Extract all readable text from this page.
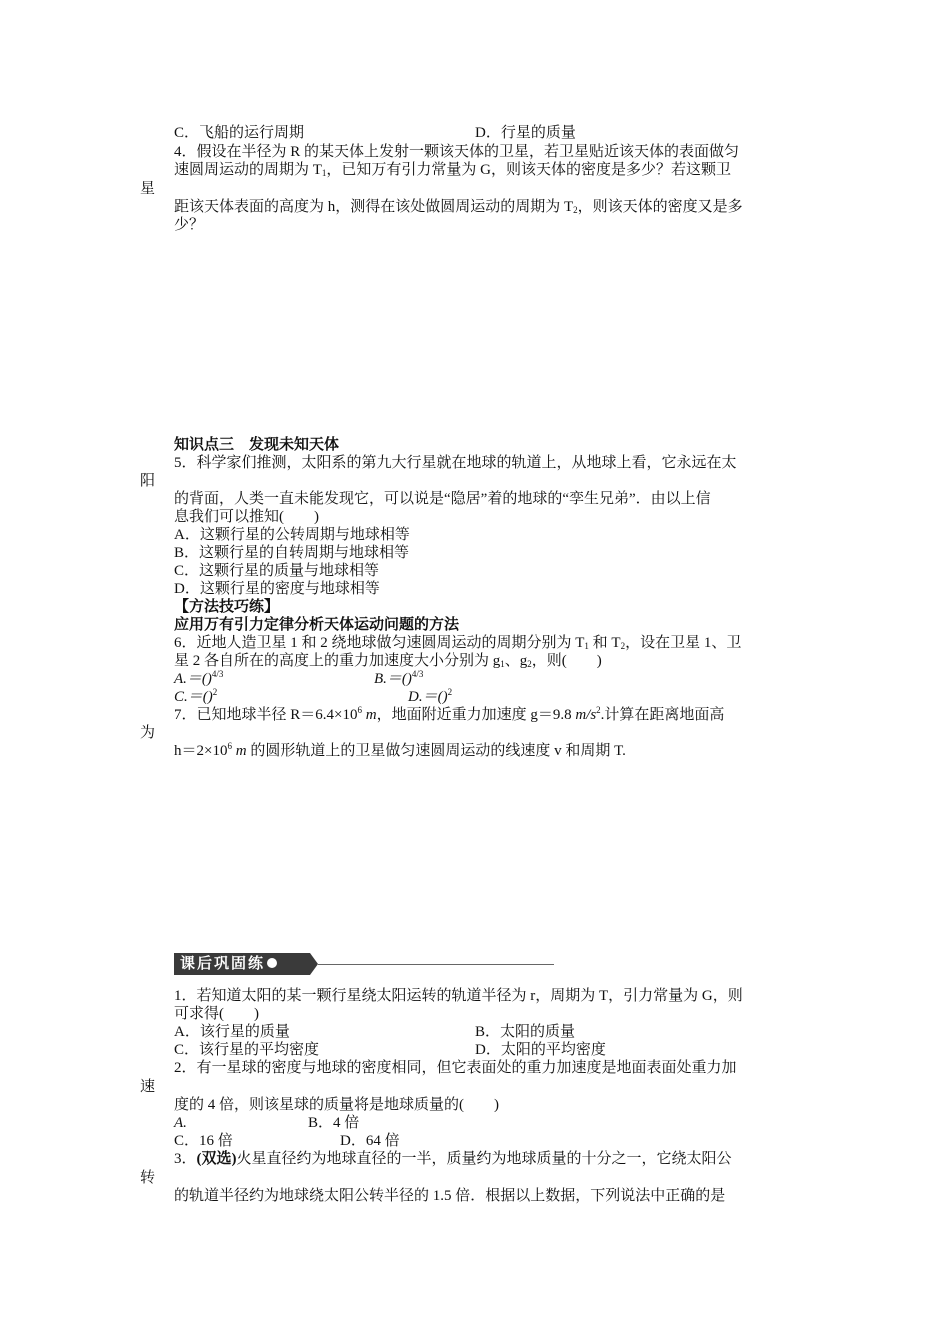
C．飞船的运行周期	D．行星的质量
4．假设在半径为 R 的某天体上发射一颗该天体的卫星，若卫星贴近该天体的表面做匀
速圆周运动的周期为 $T_1$，已知万有引力常量为 G，则该天体的密度是多少？若这颗卫
星
距该天体表面的高度为 h，测得在该处做圆周运动的周期为 $T_2$，则该天体的密度又是多
少？
知识点三　发现未知天体
5．科学家们推测，太阳系的第九大行星就在地球的轨道上，从地球上看，它永远在太
阳
的背面，人类一直未能发现它，可以说是“隐居”着的地球的“孪生兄弟”．由以上信
息我们可以推知(　　)
A．这颗行星的公转周期与地球相等
B．这颗行星的自转周期与地球相等
C．这颗行星的质量与地球相等
D．这颗行星的密度与地球相等
【方法技巧练】
应用万有引力定律分析天体运动问题的方法
6．近地人造卫星 1 和 2 绕地球做匀速圆周运动的周期分别为 $T_1$ 和 $T_2$，设在卫星 1、卫
星 2 各自所在的高度上的重力加速度大小分别为 $g_1$、$g_2$，则(　　)
A.＝()$^{4/3}$	B.＝()$^{4/3}$
C.＝()$^2$	D.＝()$^2$
7．已知地球半径 $R=6.4\times 10^6$ m，地面附近重力加速度 g＝9.8 $m/s^2$.计算在距离地面高
为
$h=2\times 10^6$ m 的圆形轨道上的卫星做匀速圆周运动的线速度 v 和周期 T.
课后巩固练
1．若知道太阳的某一颗行星绕太阳运转的轨道半径为 r，周期为 T，引力常量为 G，则
可求得(　　)
A．该行星的质量	B．太阳的质量
C．该行星的平均密度	D．太阳的平均密度
2．有一星球的密度与地球的密度相同，但它表面处的重力加速度是地面表面处重力加
速
度的 4 倍，则该星球的质量将是地球质量的(　　)
A.	B．4 倍
C．16 倍	D．64 倍
3．(双选)火星直径约为地球直径的一半，质量约为地球质量的十分之一，它绕太阳公
转
的轨道半径约为地球绕太阳公转半径的 1.5 倍．根据以上数据，下列说法中正确的是
